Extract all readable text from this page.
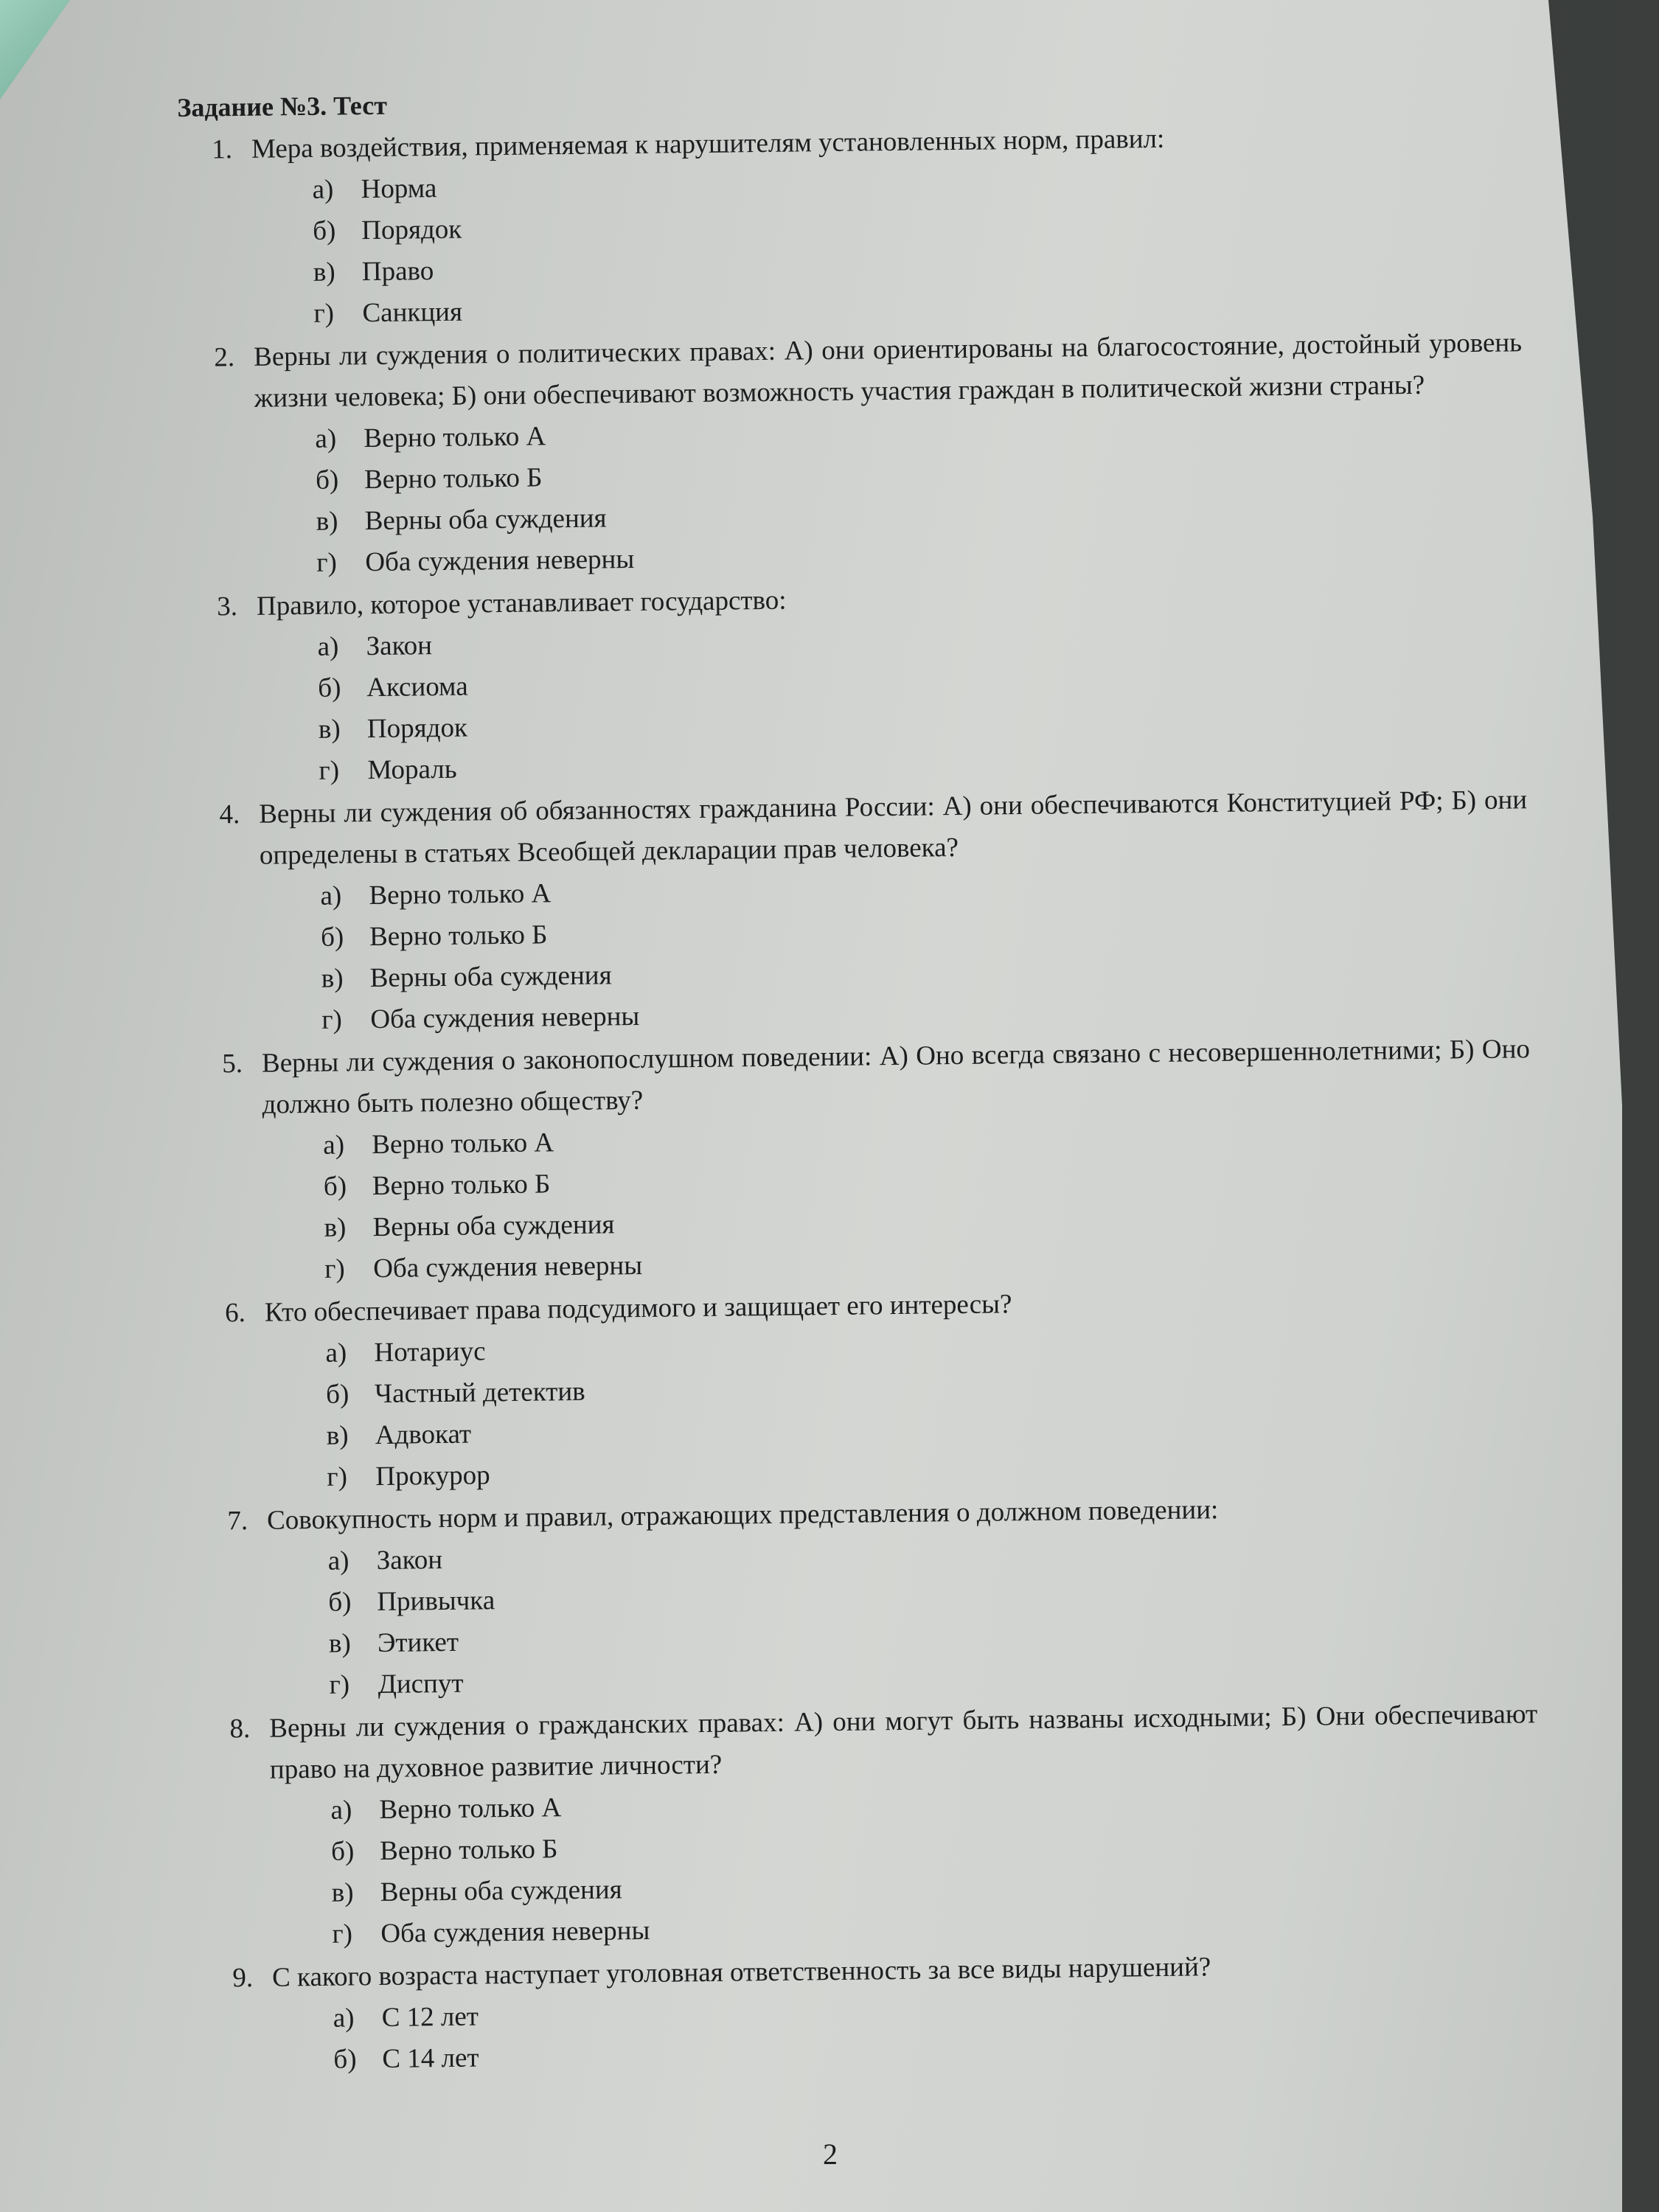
Задание №3. Тест
1. Мера воздействия, применяемая к нарушителям установленных норм, правил:
а) Норма
б) Порядок
в) Право
г)	Санкция
2. Верны ли суждения о политических правах: А) они ориентированы на благосостояние, достойный уровень жизни человека; Б) они обеспечивают возможность участия граждан в политической жизни страны?
а) Верно только А
б) Верно только Б
в) Верны оба суждения
г)	Оба суждения неверны
3. Правило, которое устанавливает государство:
а) Закон
б) Аксиома
в) Порядок
г)	Мораль
4. Верны ли суждения об обязанностях гражданина России: А) они обеспечиваются Конституцией РФ; Б) они определены в статьях Всеобщей декларации прав человека?
а) Верно только А
б) Верно только Б
в) Верны оба суждения
г)	Оба суждения неверны
5. Верны ли суждения о законопослушном поведении: А) Оно всегда связано с несовершеннолетними; Б) Оно должно быть полезно обществу?
а) Верно только А
б) Верно только Б
в) Верны оба суждения
г)	Оба суждения неверны
6. Кто обеспечивает права подсудимого и защищает его интересы?
а) Нотариус
б) Частный детектив
в) Адвокат
г)	Прокурор
7. Совокупность норм и правил, отражающих представления о должном поведении:
а) Закон
б) Привычка
в) Этикет
г)	Диспут
8. Верны ли суждения о гражданских правах: А) они могут быть названы исходными; Б) Они обеспечивают право на духовное развитие личности?
а) Верно только А
б) Верно только Б
в) Верны оба суждения
г)	Оба суждения неверны
9. С какого возраста наступает уголовная ответственность за все виды нарушений?
а) С 12 лет
б) С 14 лет
2
